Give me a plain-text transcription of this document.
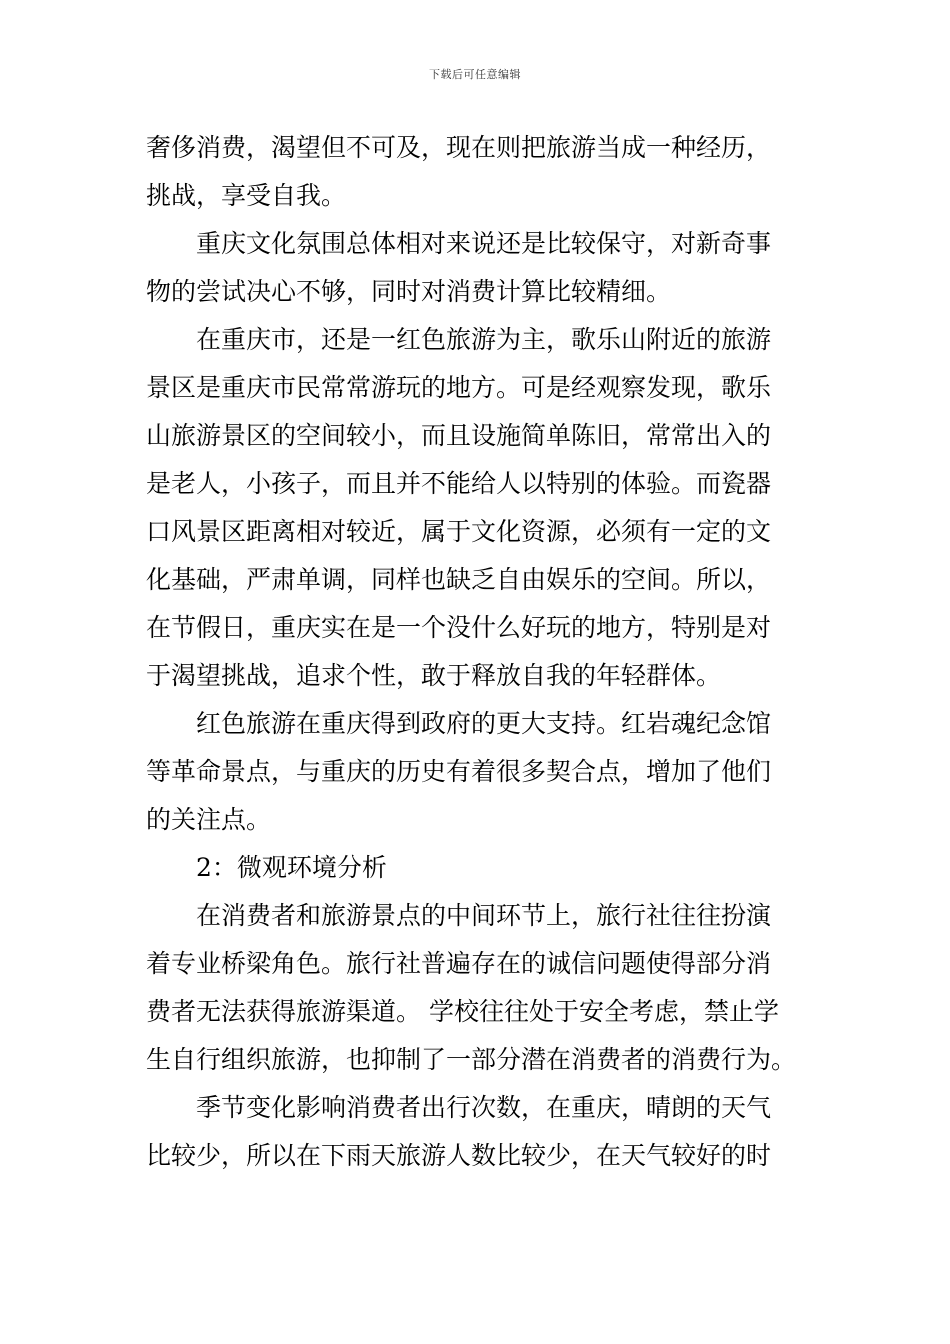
下载后可任意编辑
奢侈消费，渴望但不可及，现在则把旅游当成一种经历，
挑战，享受自我。
重庆文化氛围总体相对来说还是比较保守，对新奇事
物的尝试决心不够，同时对消费计算比较精细。
在重庆市，还是一红色旅游为主，歌乐山附近的旅游
景区是重庆市民常常游玩的地方。可是经观察发现，歌乐
山旅游景区的空间较小，而且设施简单陈旧，常常出入的
是老人，小孩子，而且并不能给人以特别的体验。而瓷器
口风景区距离相对较近，属于文化资源，必须有一定的文
化基础，严肃单调，同样也缺乏自由娱乐的空间。所以，
在节假日，重庆实在是一个没什么好玩的地方，特别是对
于渴望挑战，追求个性，敢于释放自我的年轻群体。
红色旅游在重庆得到政府的更大支持。红岩魂纪念馆
等革命景点，与重庆的历史有着很多契合点，增加了他们
的关注点。
2：微观环境分析
在消费者和旅游景点的中间环节上，旅行社往往扮演
着专业桥梁角色。旅行社普遍存在的诚信问题使得部分消
费者无法获得旅游渠道。 学校往往处于安全考虑，禁止学
生自行组织旅游，也抑制了一部分潜在消费者的消费行为。
季节变化影响消费者出行次数，在重庆，晴朗的天气
比较少，所以在下雨天旅游人数比较少，在天气较好的时
